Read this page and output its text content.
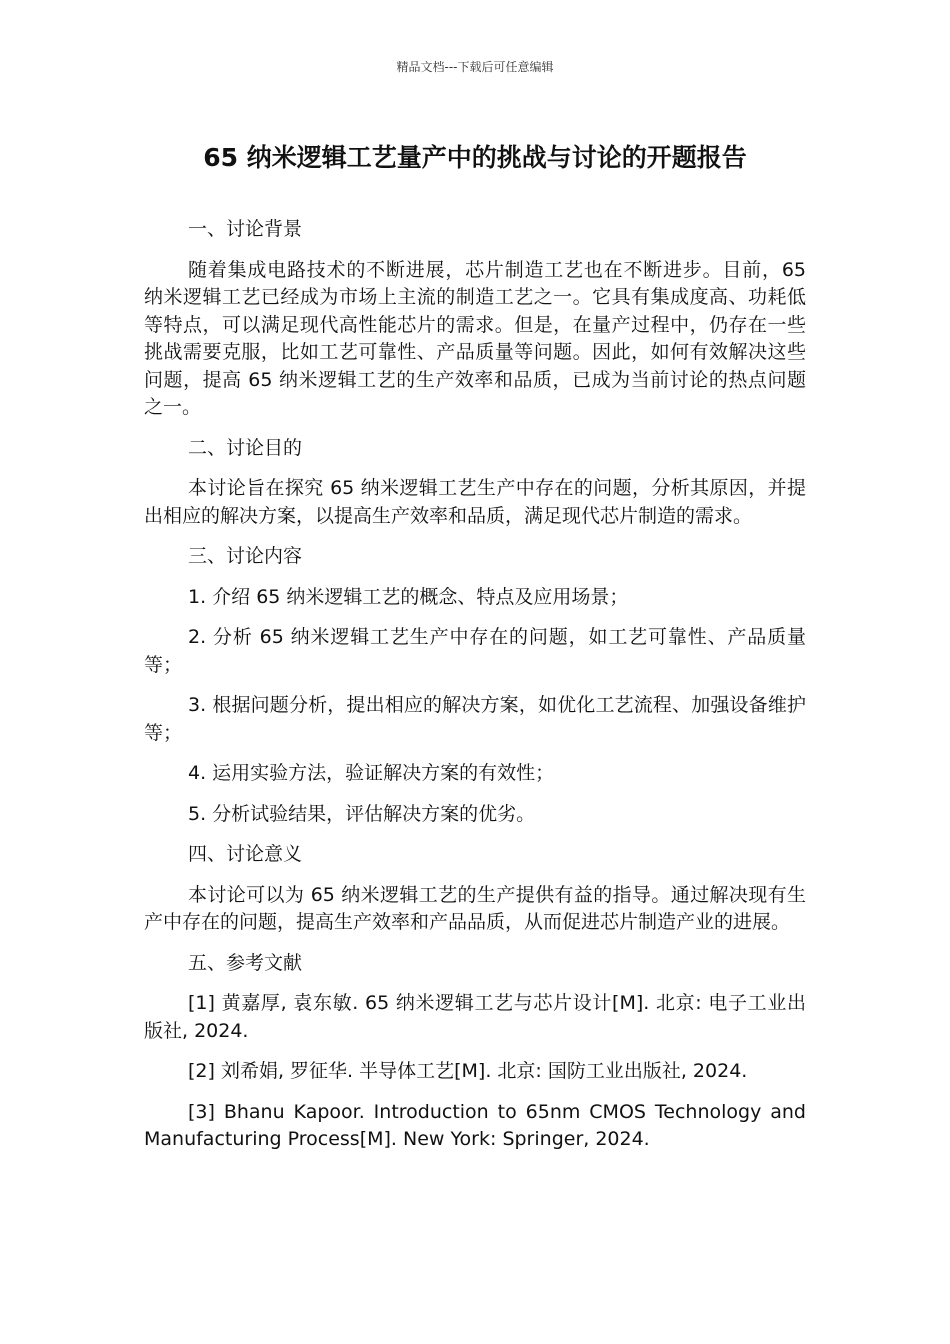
精品文档---下载后可任意编辑
65 纳米逻辑工艺量产中的挑战与讨论的开题报告

一、讨论背景

随着集成电路技术的不断进展，芯片制造工艺也在不断进步。目前，65 纳米逻辑工艺已经成为市场上主流的制造工艺之一。它具有集成度高、功耗低等特点，可以满足现代高性能芯片的需求。但是，在量产过程中，仍存在一些挑战需要克服，比如工艺可靠性、产品质量等问题。因此，如何有效解决这些问题，提高 65 纳米逻辑工艺的生产效率和品质，已成为当前讨论的热点问题之一。

二、讨论目的

本讨论旨在探究 65 纳米逻辑工艺生产中存在的问题，分析其原因，并提出相应的解决方案，以提高生产效率和品质，满足现代芯片制造的需求。

三、讨论内容

1. 介绍 65 纳米逻辑工艺的概念、特点及应用场景；

2. 分析 65 纳米逻辑工艺生产中存在的问题，如工艺可靠性、产品质量等；

3. 根据问题分析，提出相应的解决方案，如优化工艺流程、加强设备维护等；

4. 运用实验方法，验证解决方案的有效性；

5. 分析试验结果，评估解决方案的优劣。

四、讨论意义

本讨论可以为 65 纳米逻辑工艺的生产提供有益的指导。通过解决现有生产中存在的问题，提高生产效率和产品品质，从而促进芯片制造产业的进展。

五、参考文献

[1] 黄嘉厚, 袁东敏. 65 纳米逻辑工艺与芯片设计[M]. 北京: 电子工业出版社, 2024.

[2] 刘希娟, 罗征华. 半导体工艺[M]. 北京: 国防工业出版社, 2024.

[3] Bhanu Kapoor. Introduction to 65nm CMOS Technology and Manufacturing Process[M]. New York: Springer, 2024.
